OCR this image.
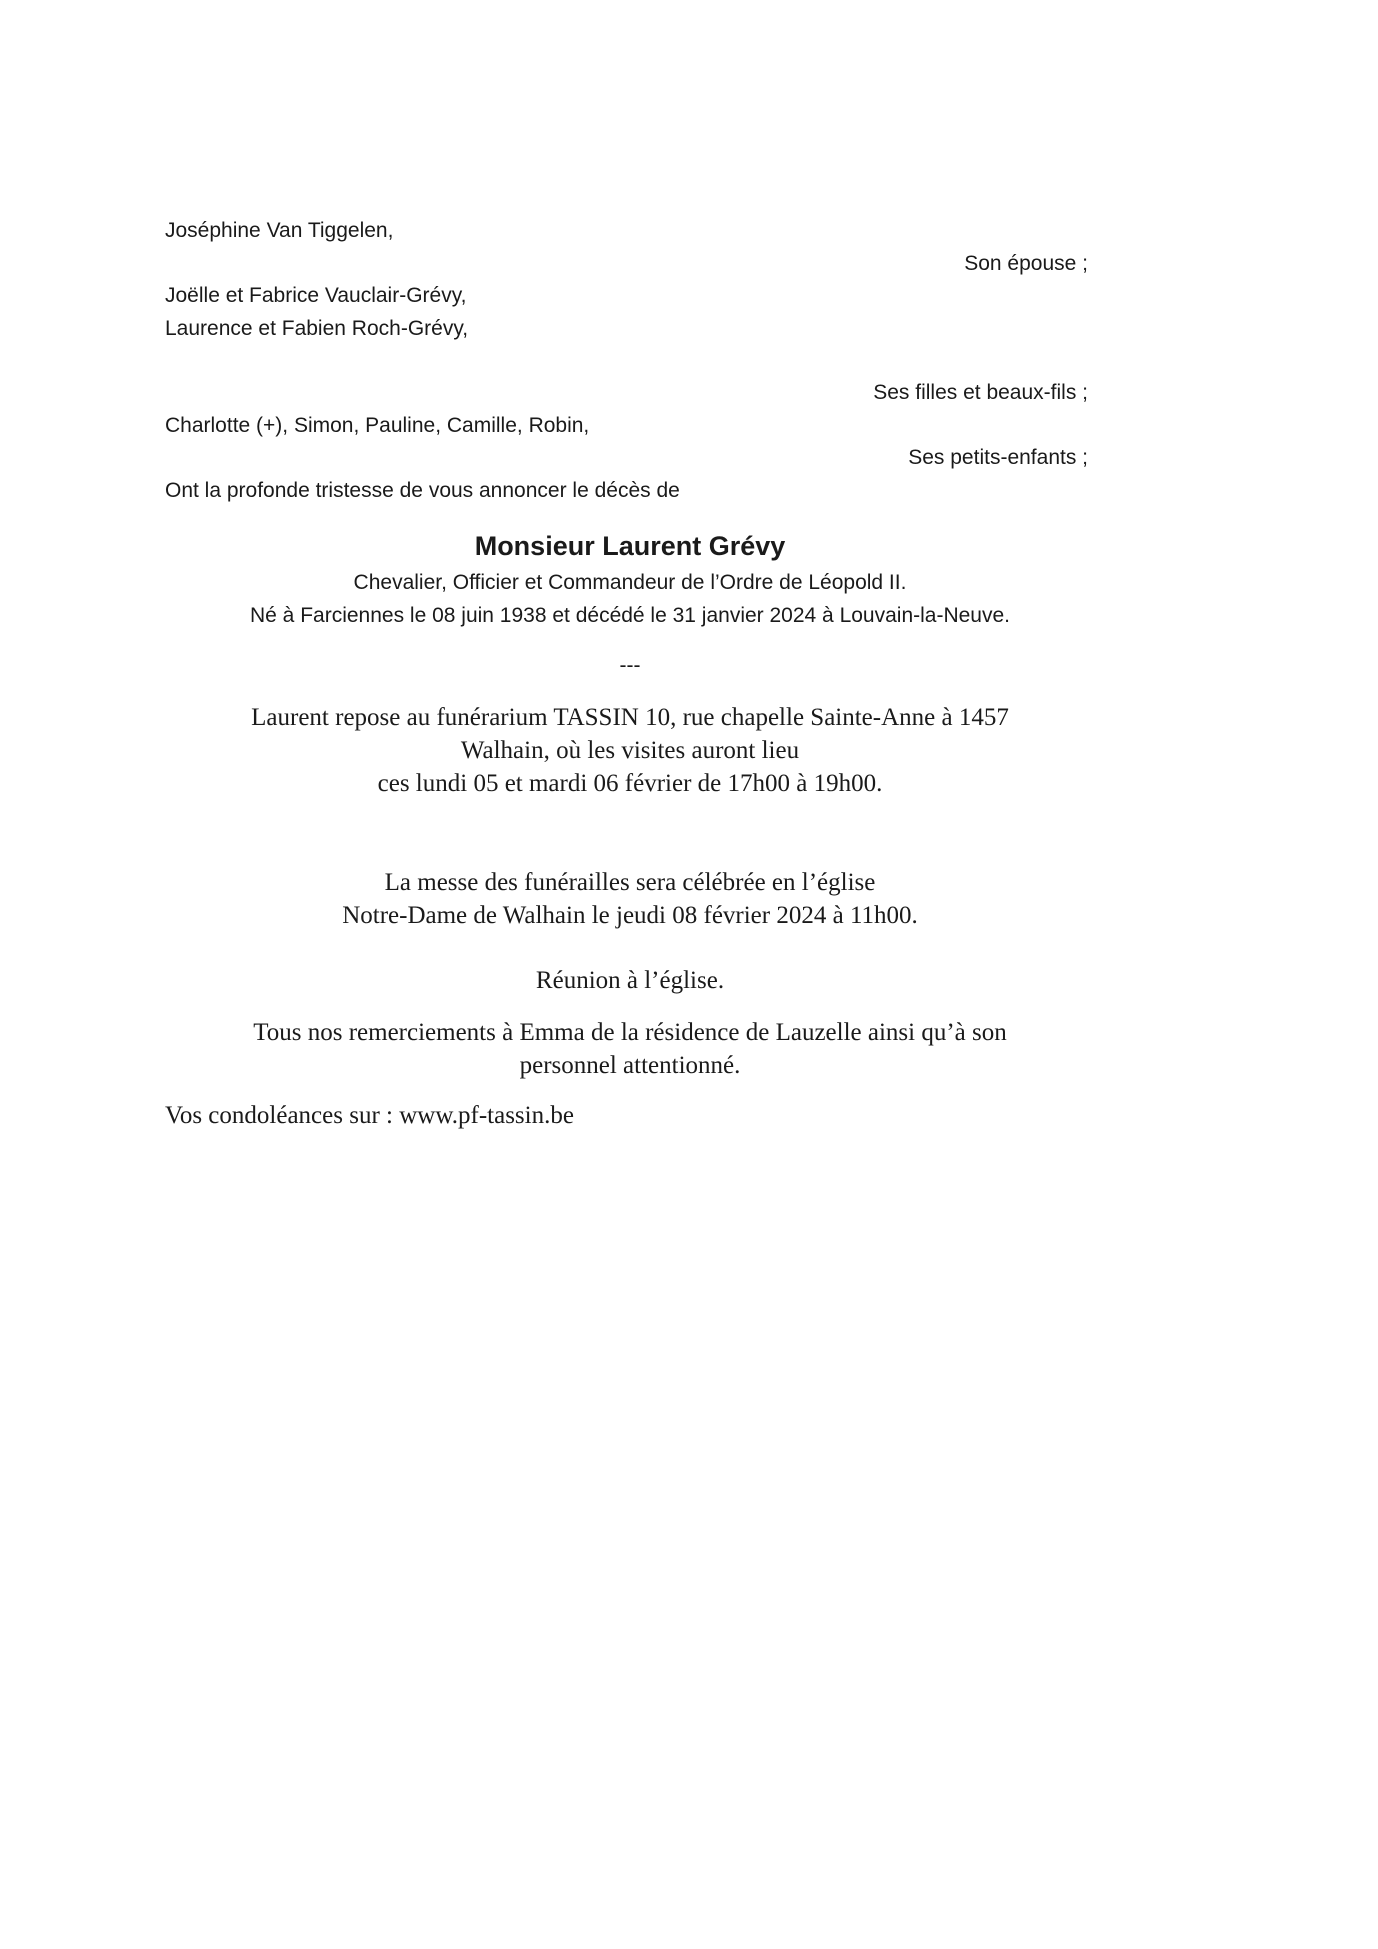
Joséphine Van Tiggelen,
Son épouse ;
Joëlle et Fabrice Vauclair-Grévy,
Laurence et Fabien Roch-Grévy,
Ses filles et beaux-fils ;
Charlotte (+), Simon, Pauline, Camille, Robin,
Ses petits-enfants ;
Ont la profonde tristesse de vous annoncer le décès de
Monsieur Laurent Grévy
Chevalier, Officier et Commandeur de l’Ordre de Léopold II.
Né à Farciennes le 08 juin 1938 et décédé le 31 janvier 2024 à Louvain-la-Neuve.
---
Laurent repose au funérarium TASSIN 10, rue chapelle Sainte-Anne à 1457
Walhain, où les visites auront lieu
ces lundi 05 et mardi 06 février de 17h00 à 19h00.
La messe des funérailles sera célébrée en l’église
Notre-Dame de Walhain le jeudi 08 février 2024 à 11h00.
Réunion à l’église.
Tous nos remerciements à Emma de la résidence de Lauzelle ainsi qu’à son
personnel attentionné.
Vos condoléances sur : www.pf-tassin.be
